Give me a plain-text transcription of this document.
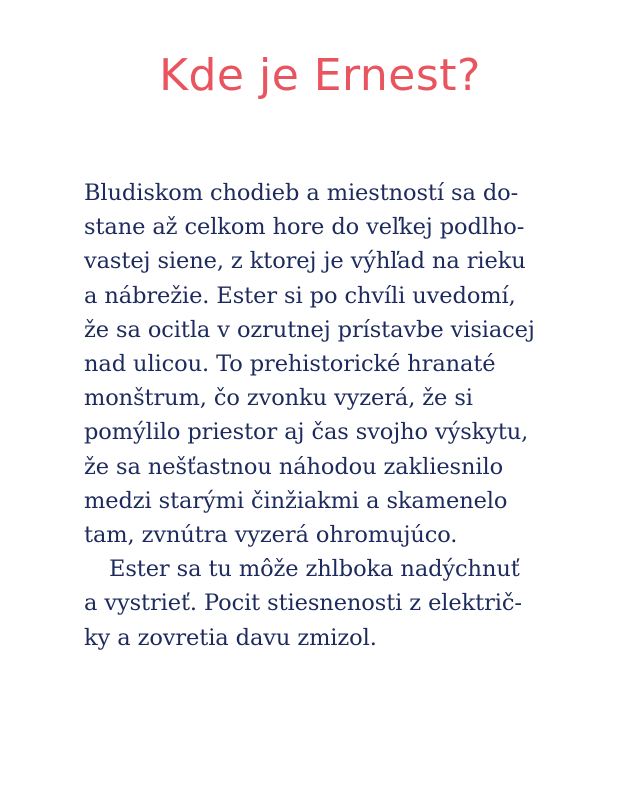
Kde je Ernest?

Bludiskom chodieb a miestností sa do-
stane až celkom hore do veľkej podlho-
vastej siene, z ktorej je výhľad na rieku
a nábrežie. Ester si po chvíli uvedomí,
že sa ocitla v ozrutnej prístavbe visiacej
nad ulicou. To prehistorické hranaté
monštrum, čo zvonku vyzerá, že si
pomýlilo priestor aj čas svojho výskytu,
že sa nešťastnou náhodou zakliesnilo
medzi starými činžiakmi a skamenelo
tam, zvnútra vyzerá ohromujúco.

Ester sa tu môže zhlboka nadýchnuť
a vystrieť. Pocit stiesnenosti z električ-
ky a zovretia davu zmizol.
